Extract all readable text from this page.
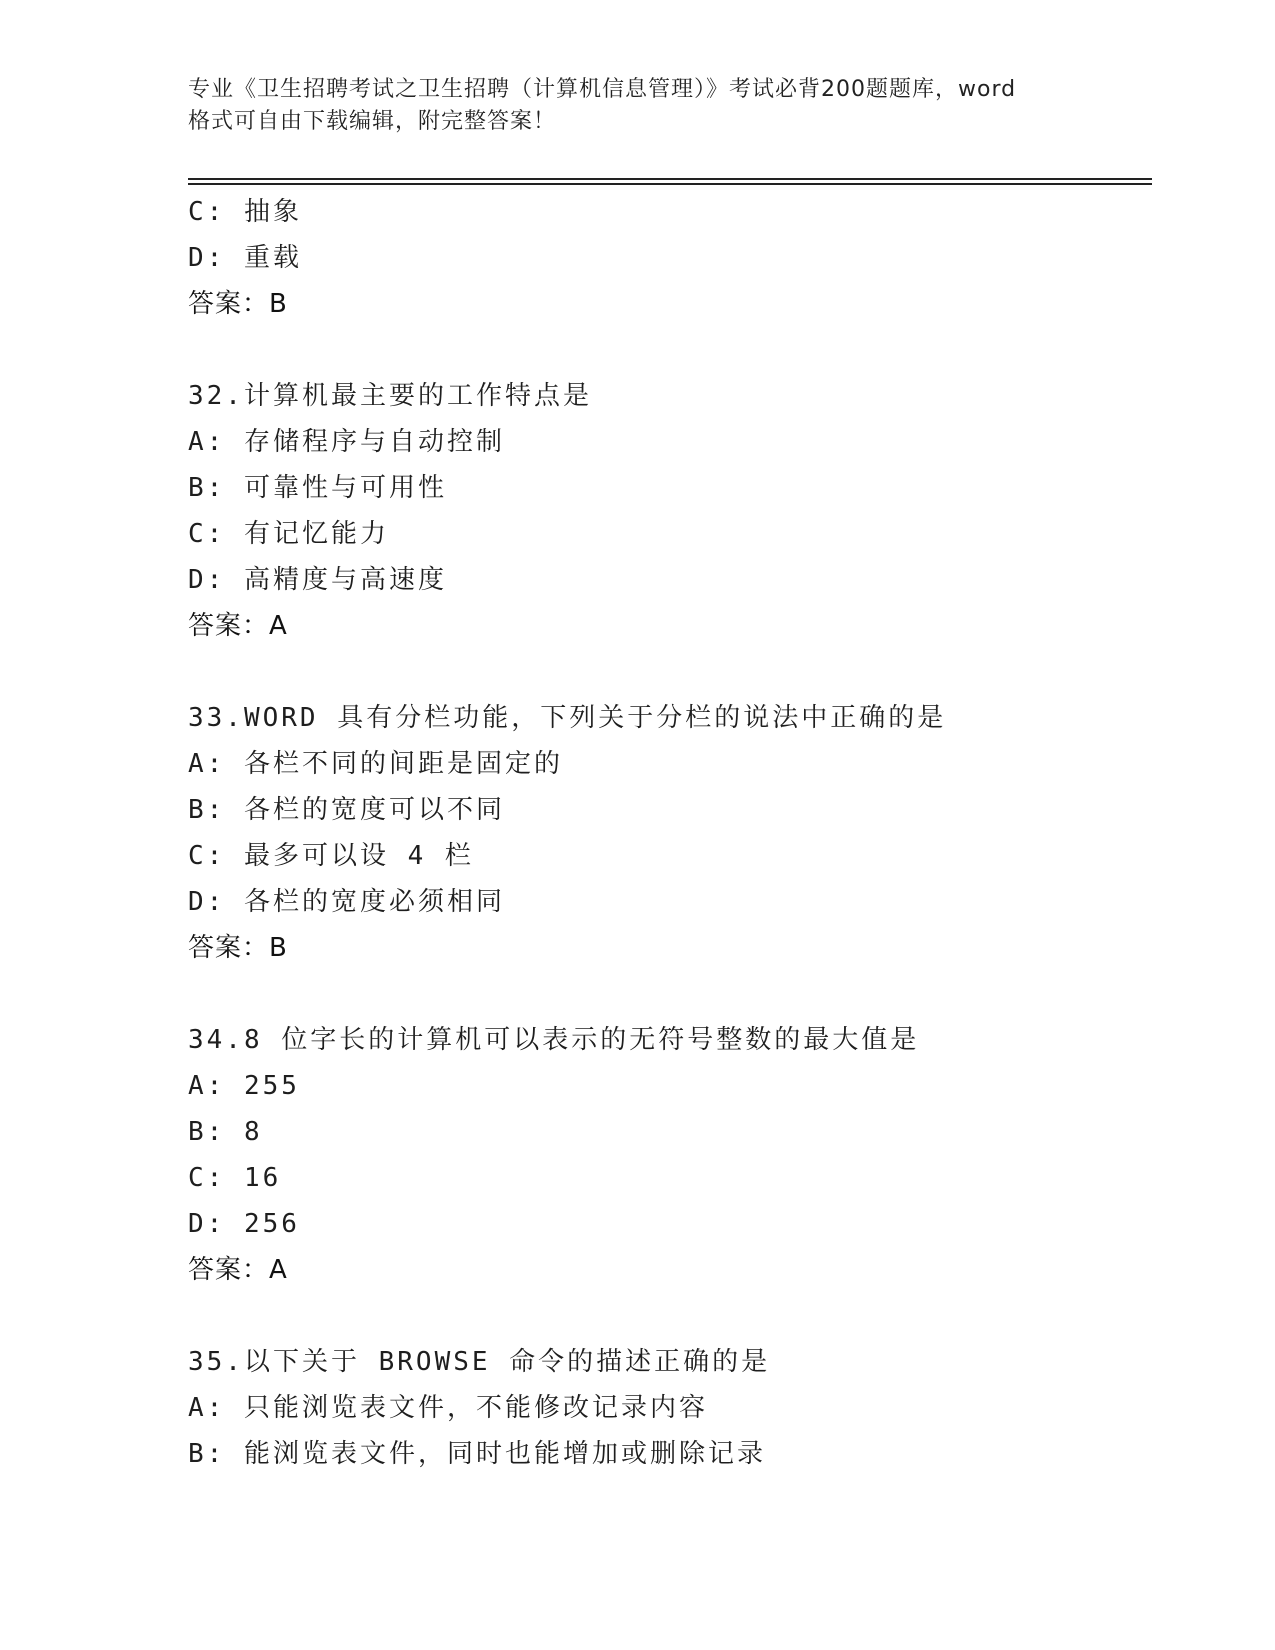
专业《卫生招聘考试之卫生招聘（计算机信息管理）》考试必背200题题库，word
格式可自由下载编辑，附完整答案！
C: 抽象
D: 重载
答案：B
32.计算机最主要的工作特点是
A: 存储程序与自动控制
B: 可靠性与可用性
C: 有记忆能力
D: 高精度与高速度
答案：A
33.WORD 具有分栏功能，下列关于分栏的说法中正确的是
A: 各栏不同的间距是固定的
B: 各栏的宽度可以不同
C: 最多可以设 4 栏
D: 各栏的宽度必须相同
答案：B
34.8 位字长的计算机可以表示的无符号整数的最大值是
A: 255
B: 8
C: 16
D: 256
答案：A
35.以下关于 BROWSE 命令的描述正确的是
A: 只能浏览表文件，不能修改记录内容
B: 能浏览表文件，同时也能增加或删除记录
